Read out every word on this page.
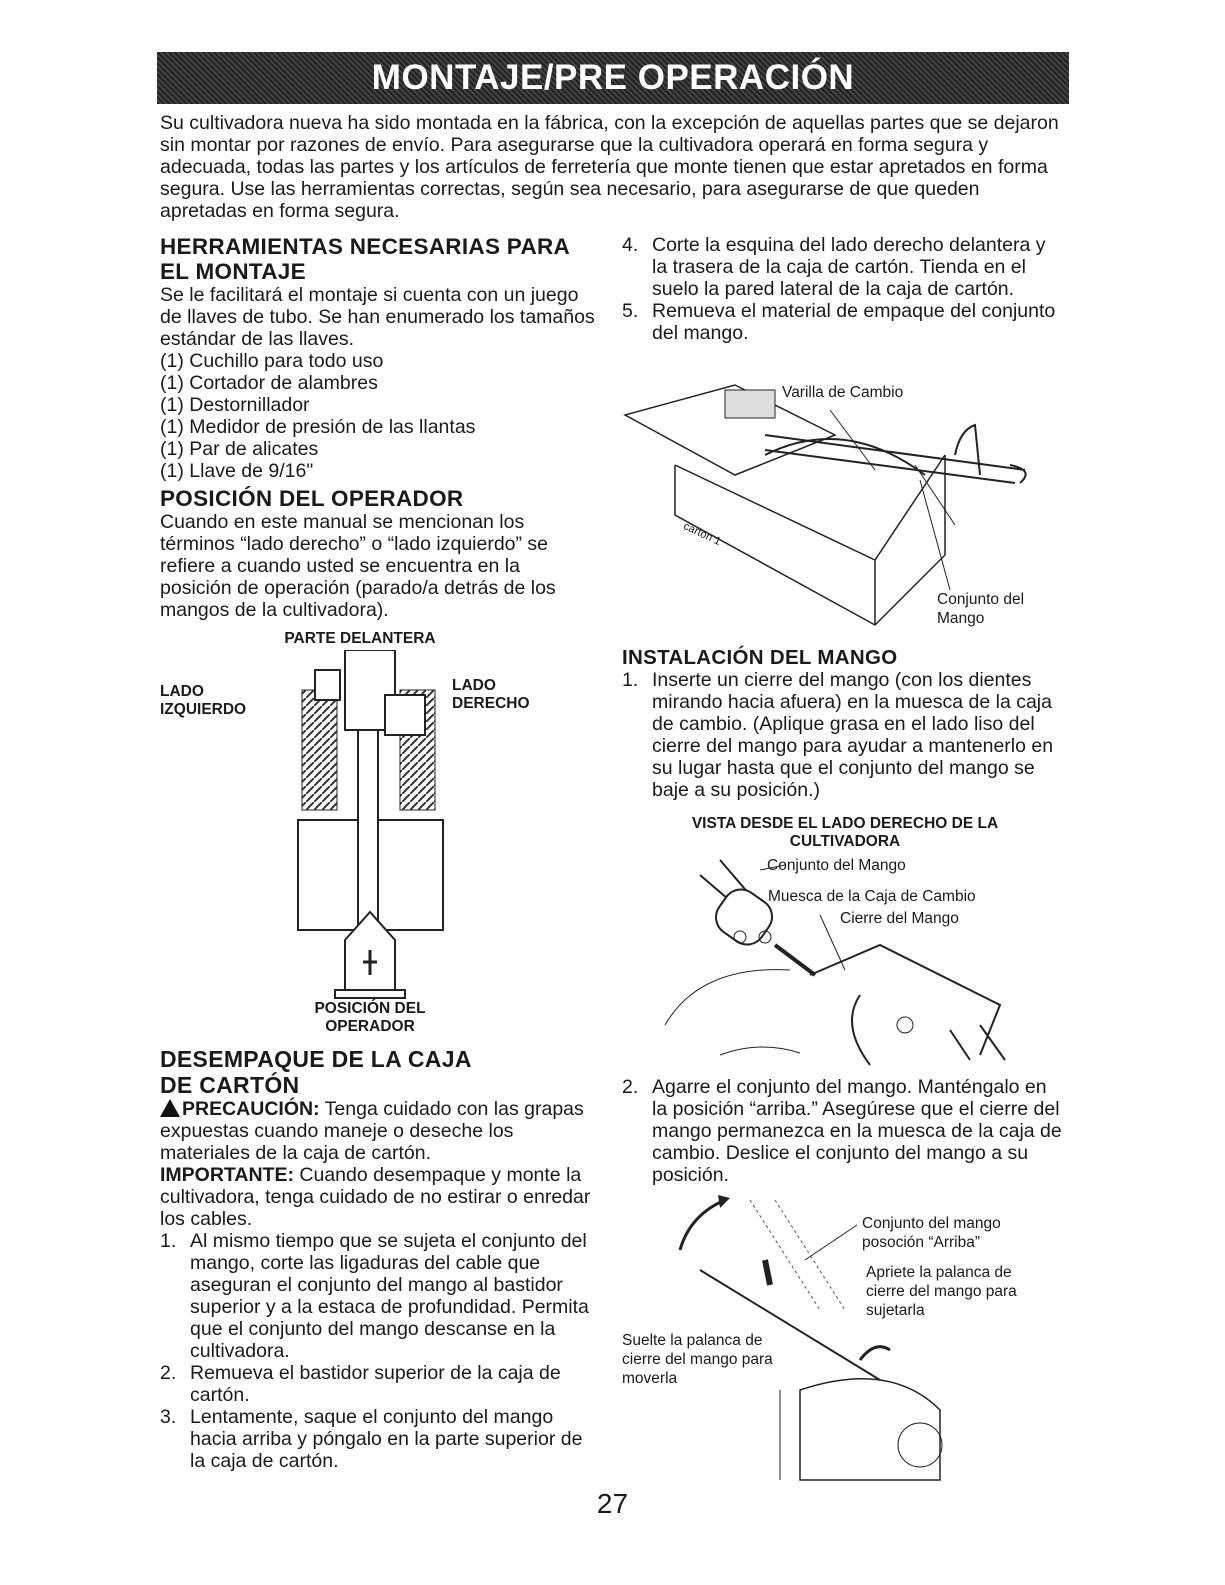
MONTAJE/PRE OPERACIÓN

Su cultivadora nueva ha sido montada en la fábrica, con la excepción de aquellas partes que se dejaron sin montar por razones de envío. Para asegurarse que la cultivadora operará en forma segura y adecuada, todas las partes y los artículos de ferretería que monte tienen que estar apretados en forma segura. Use las herramientas correctas, según sea necesario, para asegurarse de que queden apretadas en forma segura.

HERRAMIENTAS NECESARIAS PARA EL MONTAJE

Se le facilitará el montaje si cuenta con un juego de llaves de tubo. Se han enumerado los tamaños estándar de las llaves.

(1) Cuchillo para todo uso
(1) Cortador de alambres
(1) Destornillador
(1) Medidor de presión de las llantas
(1) Par de alicates
(1) Llave de 9/16"

POSICIÓN DEL OPERADOR

Cuando en este manual se mencionan los términos “lado derecho” o “lado izquierdo” se refiere a cuando usted se encuentra en la posición de operación (parado/a detrás de los mangos de la cultivadora).

PARTE DELANTERA

LADO
IZQUIERDO

LADO
DERECHO

POSICIÓN DEL
OPERADOR

DESEMPAQUE DE LA CAJA DE CARTÓN

PRECAUCIÓN: Tenga cuidado con las grapas expuestas cuando maneje o deseche los materiales de la caja de cartón.

IMPORTANTE: Cuando desempaque y monte la cultivadora, tenga cuidado de no estirar o enredar los cables.

1. Al mismo tiempo que se sujeta el conjunto del mango, corte las ligaduras del cable que aseguran el conjunto del mango al bastidor superior y a la estaca de profundidad. Permita que el conjunto del mango descanse en la cultivadora.
2. Remueva el bastidor superior de la caja de cartón.
3. Lentamente, saque el conjunto del mango hacia arriba y póngalo en la parte superior de la caja de cartón.
4. Corte la esquina del lado derecho delantera y la trasera de la caja de cartón. Tienda en el suelo la pared lateral de la caja de cartón.
5. Remueva el material de empaque del conjunto del mango.
Varilla de Cambio
Conjunto del
Mango
carton 1

INSTALACIÓN DEL MANGO

1. Inserte un cierre del mango (con los dientes mirando hacia afuera) en la muesca de la caja de cambio. (Aplique grasa en el lado liso del cierre del mango para ayudar a mantenerlo en su lugar hasta que el conjunto del mango se baje a su posición.)

VISTA DESDE EL LADO DERECHO DE LA CULTIVADORA

Conjunto del Mango
Muesca de la Caja de Cambio
Cierre del Mango
2. Agarre el conjunto del mango. Manténgalo en la posición “arriba.” Asegúrese que el cierre del mango permanezca en la muesca de la caja de cambio. Deslice el conjunto del mango a su posición.
Conjunto del mango
posoción “Arriba”
Apriete la palanca de
cierre del mango para
sujetarla
Suelte la palanca de
cierre del mango para
moverla
27
